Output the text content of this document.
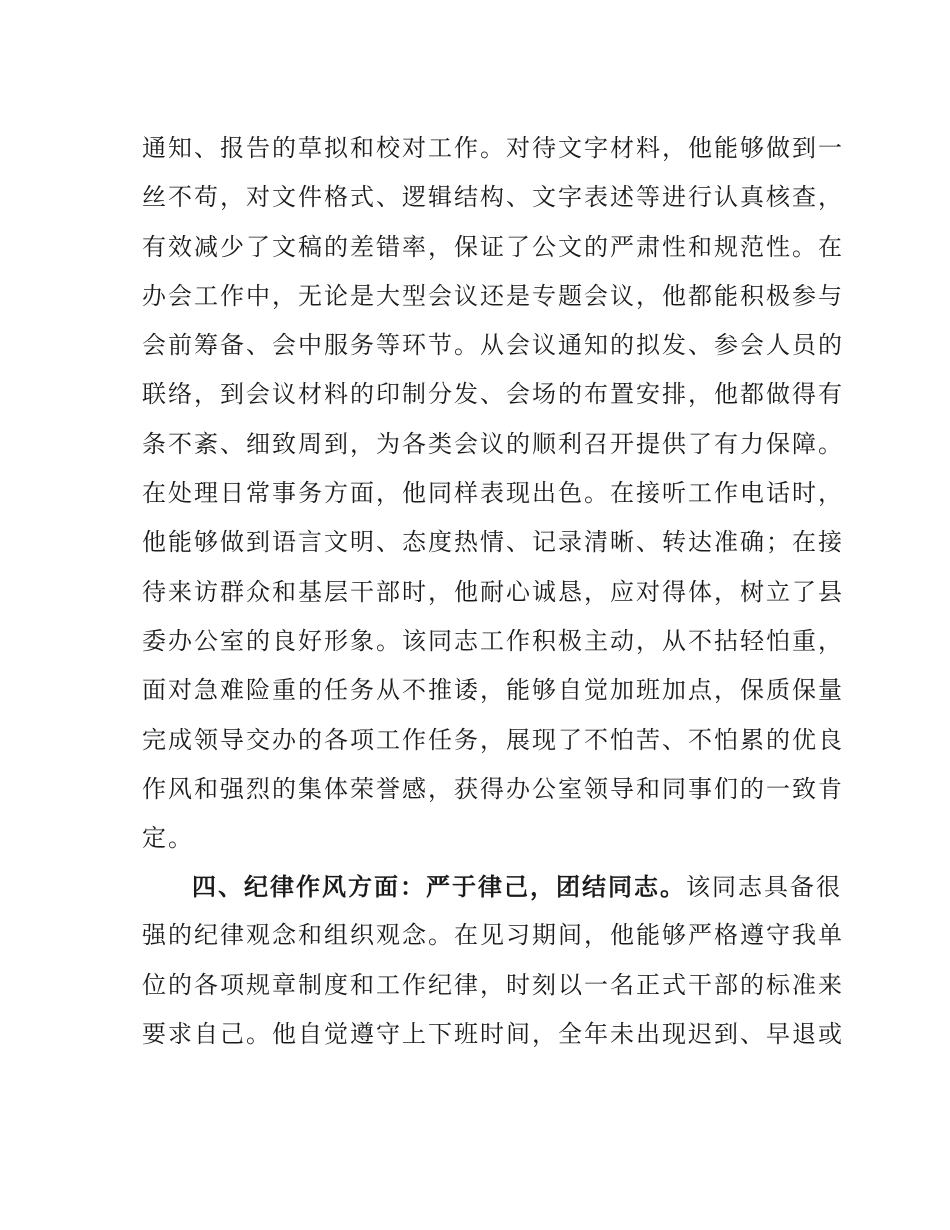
通知、报告的草拟和校对工作。对待文字材料，他能够做到一
丝不苟，对文件格式、逻辑结构、文字表述等进行认真核查，
有效减少了文稿的差错率，保证了公文的严肃性和规范性。在
办会工作中，无论是大型会议还是专题会议，他都能积极参与
会前筹备、会中服务等环节。从会议通知的拟发、参会人员的
联络，到会议材料的印制分发、会场的布置安排，他都做得有
条不紊、细致周到，为各类会议的顺利召开提供了有力保障。
在处理日常事务方面，他同样表现出色。在接听工作电话时，
他能够做到语言文明、态度热情、记录清晰、转达准确；在接
待来访群众和基层干部时，他耐心诚恳，应对得体，树立了县
委办公室的良好形象。该同志工作积极主动，从不拈轻怕重，
面对急难险重的任务从不推诿，能够自觉加班加点，保质保量
完成领导交办的各项工作任务，展现了不怕苦、不怕累的优良
作风和强烈的集体荣誉感，获得办公室领导和同事们的一致肯
定。
四、纪律作风方面：严于律己，团结同志。该同志具备很
强的纪律观念和组织观念。在见习期间，他能够严格遵守我单
位的各项规章制度和工作纪律，时刻以一名正式干部的标准来
要求自己。他自觉遵守上下班时间，全年未出现迟到、早退或
